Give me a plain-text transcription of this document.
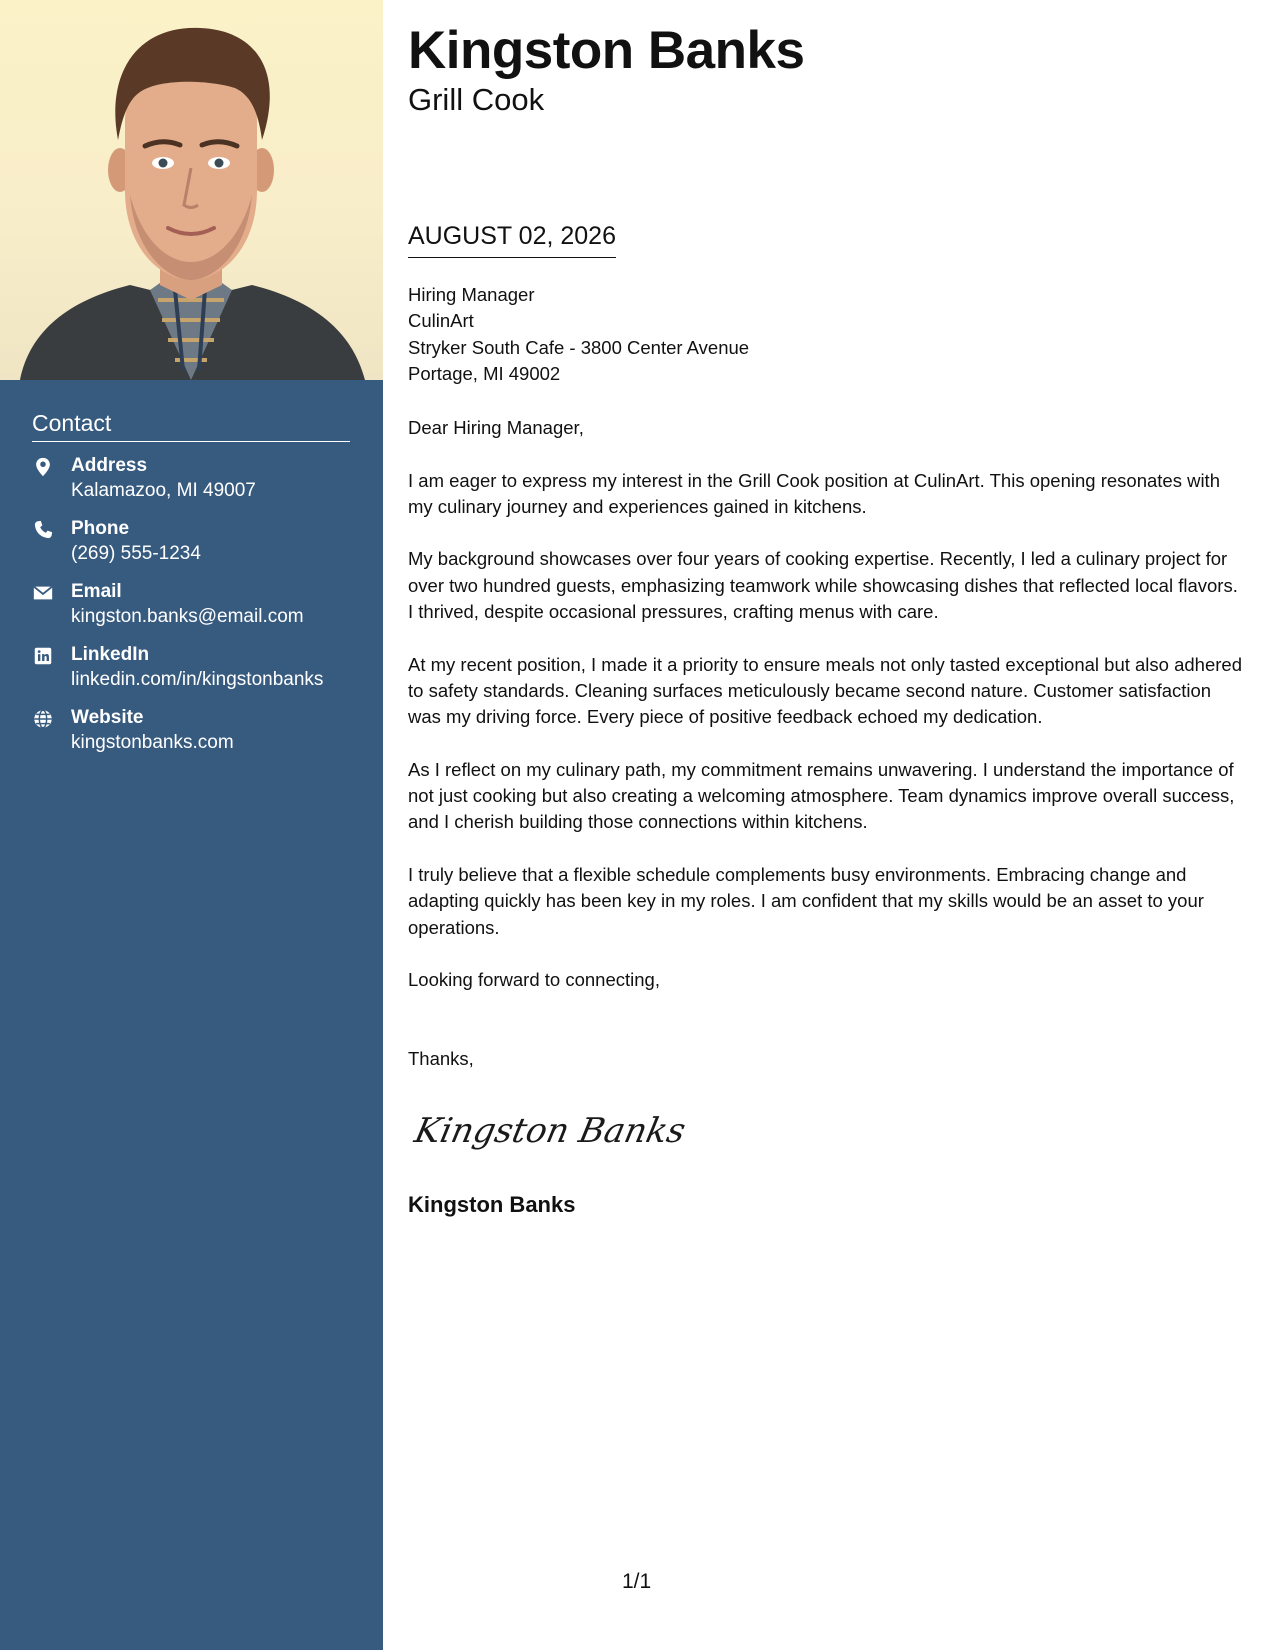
Contact
Address
Kalamazoo, MI 49007
Phone
(269) 555-1234
Email
kingston.banks@email.com
LinkedIn
linkedin.com/in/kingstonbanks
Website
kingstonbanks.com
Kingston Banks
Grill Cook
AUGUST 02, 2026
Hiring Manager
CulinArt
Stryker South Cafe - 3800 Center Avenue
Portage, MI 49002

Dear Hiring Manager,

I am eager to express my interest in the Grill Cook position at CulinArt. This opening resonates with my culinary journey and experiences gained in kitchens.

My background showcases over four years of cooking expertise. Recently, I led a culinary project for over two hundred guests, emphasizing teamwork while showcasing dishes that reflected local flavors. I thrived, despite occasional pressures, crafting menus with care.

At my recent position, I made it a priority to ensure meals not only tasted exceptional but also adhered to safety standards. Cleaning surfaces meticulously became second nature. Customer satisfaction was my driving force. Every piece of positive feedback echoed my dedication.

As I reflect on my culinary path, my commitment remains unwavering. I understand the importance of not just cooking but also creating a welcoming atmosphere. Team dynamics improve overall success, and I cherish building those connections within kitchens.

I truly believe that a flexible schedule complements busy environments. Embracing change and adapting quickly has been key in my roles. I am confident that my skills would be an asset to your operations.

Looking forward to connecting,

Thanks,
Kingston Banks
Kingston Banks
1/1
